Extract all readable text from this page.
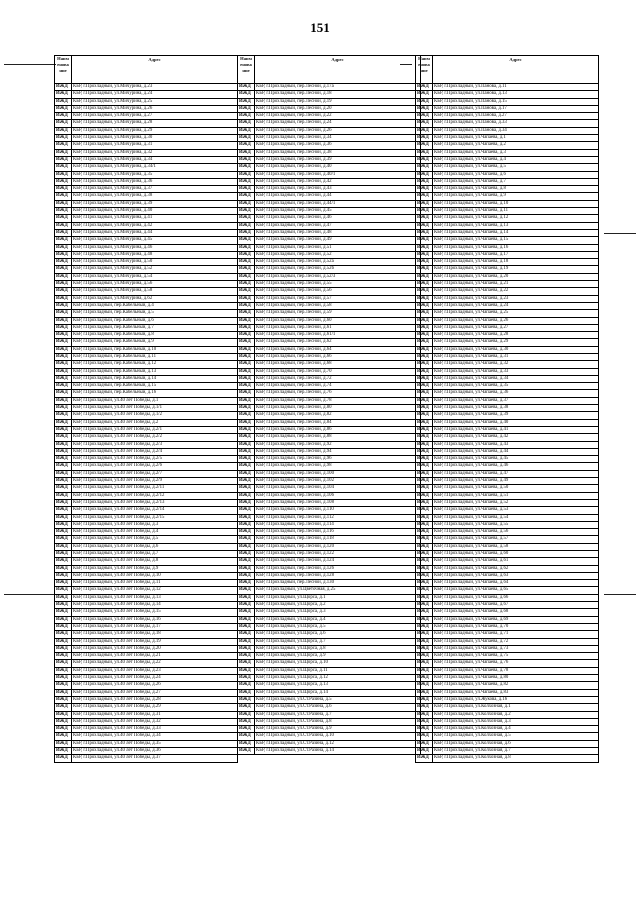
151
Наим енова ние	Адрес
ИЖД	КБР, г.Прохладный, ул.Мичурина, д.23
ИЖД	КБР, г.Прохладный, ул.Мичурина, д.24
ИЖД	КБР, г.Прохладный, ул.Мичурина, д.25
ИЖД	КБР, г.Прохладный, ул.Мичурина, д.26
ИЖД	КБР, г.Прохладный, ул.Мичурина, д.27
ИЖД	КБР, г.Прохладный, ул.Мичурина, д.28
ИЖД	КБР, г.Прохладный, ул.Мичурина, д.29
ИЖД	КБР, г.Прохладный, ул.Мичурина, д.30
ИЖД	КБР, г.Прохладный, ул.Мичурина, д.31
ИЖД	КБР, г.Прохладный, ул.Мичурина, д.32
ИЖД	КБР, г.Прохладный, ул.Мичурина, д.34
ИЖД	КБР, г.Прохладный, ул.Мичурина, д.34/1
ИЖД	КБР, г.Прохладный, ул.Мичурина, д.35
ИЖД	КБР, г.Прохладный, ул.Мичурина, д.36
ИЖД	КБР, г.Прохладный, ул.Мичурина, д.37
ИЖД	КБР, г.Прохладный, ул.Мичурина, д.38
ИЖД	КБР, г.Прохладный, ул.Мичурина, д.39
ИЖД	КБР, г.Прохладный, ул.Мичурина, д.40
ИЖД	КБР, г.Прохладный, ул.Мичурина, д.41
ИЖД	КБР, г.Прохладный, ул.Мичурина, д.42
ИЖД	КБР, г.Прохладный, ул.Мичурина, д.44
ИЖД	КБР, г.Прохладный, ул.Мичурина, д.45
ИЖД	КБР, г.Прохладный, ул.Мичурина, д.46
ИЖД	КБР, г.Прохладный, ул.Мичурина, д.48
ИЖД	КБР, г.Прохладный, ул.Мичурина, д.50
ИЖД	КБР, г.Прохладный, ул.Мичурина, д.52
ИЖД	КБР, г.Прохладный, ул.Мичурина, д.54
ИЖД	КБР, г.Прохладный, ул.Мичурина, д.56
ИЖД	КБР, г.Прохладный, ул.Мичурина, д.58
ИЖД	КБР, г.Прохладный, ул.Мичурина, д.62
ИЖД	КБР, г.Прохладный, пер.Кабельный, д.4
ИЖД	КБР, г.Прохладный, пер.Кабельный, д.5
ИЖД	КБР, г.Прохладный, пер.Кабельный, д.6
ИЖД	КБР, г.Прохладный, пер.Кабельный, д.7
ИЖД	КБР, г.Прохладный, пер.Кабельный, д.8
ИЖД	КБР, г.Прохладный, пер.Кабельный, д.9
ИЖД	КБР, г.Прохладный, пер.Кабельный, д.10
ИЖД	КБР, г.Прохладный, пер.Кабельный, д.11
ИЖД	КБР, г.Прохладный, пер.Кабельный, д.12
ИЖД	КБР, г.Прохладный, пер.Кабельный, д.13
ИЖД	КБР, г.Прохладный, пер.Кабельный, д.14
ИЖД	КБР, г.Прохладный, пер.Кабельный, д.15
ИЖД	КБР, г.Прохладный, пер.Кабельный, д.16
ИЖД	КБР, г.Прохладный, ул.40 лет Победы, д.1
ИЖД	КБР, г.Прохладный, ул.40 лет Победы, д.1/1
ИЖД	КБР, г.Прохладный, ул.40 лет Победы, д.1/2
ИЖД	КБР, г.Прохладный, ул.40 лет Победы, д.2
ИЖД	КБР, г.Прохладный, ул.40 лет Победы, д.2/1
ИЖД	КБР, г.Прохладный, ул.40 лет Победы, д.2/2
ИЖД	КБР, г.Прохладный, ул.40 лет Победы, д.2/3
ИЖД	КБР, г.Прохладный, ул.40 лет Победы, д.2/4
ИЖД	КБР, г.Прохладный, ул.40 лет Победы, д.2/5
ИЖД	КБР, г.Прохладный, ул.40 лет Победы, д.2/6
ИЖД	КБР, г.Прохладный, ул.40 лет Победы, д.2/7
ИЖД	КБР, г.Прохладный, ул.40 лет Победы, д.2/9
ИЖД	КБР, г.Прохладный, ул.40 лет Победы, д.2/11
ИЖД	КБР, г.Прохладный, ул.40 лет Победы, д.2/12
ИЖД	КБР, г.Прохладный, ул.40 лет Победы, д.2/13
ИЖД	КБР, г.Прохладный, ул.40 лет Победы, д.2/14
ИЖД	КБР, г.Прохладный, ул.40 лет Победы, д.2/15
ИЖД	КБР, г.Прохладный, ул.40 лет Победы, д.3
ИЖД	КБР, г.Прохладный, ул.40 лет Победы, д.4
ИЖД	КБР, г.Прохладный, ул.40 лет Победы, д.5
ИЖД	КБР, г.Прохладный, ул.40 лет Победы, д.6
ИЖД	КБР, г.Прохладный, ул.40 лет Победы, д.7
ИЖД	КБР, г.Прохладный, ул.40 лет Победы, д.8
ИЖД	КБР, г.Прохладный, ул.40 лет Победы, д.9
ИЖД	КБР, г.Прохладный, ул.40 лет Победы, д.10
ИЖД	КБР, г.Прохладный, ул.40 лет Победы, д.11
ИЖД	КБР, г.Прохладный, ул.40 лет Победы, д.12
ИЖД	КБР, г.Прохладный, ул.40 лет Победы, д.13
ИЖД	КБР, г.Прохладный, ул.40 лет Победы, д.14
ИЖД	КБР, г.Прохладный, ул.40 лет Победы, д.15
ИЖД	КБР, г.Прохладный, ул.40 лет Победы, д.16
ИЖД	КБР, г.Прохладный, ул.40 лет Победы, д.17
ИЖД	КБР, г.Прохладный, ул.40 лет Победы, д.18
ИЖД	КБР, г.Прохладный, ул.40 лет Победы, д.19
ИЖД	КБР, г.Прохладный, ул.40 лет Победы, д.20
ИЖД	КБР, г.Прохладный, ул.40 лет Победы, д.21
ИЖД	КБР, г.Прохладный, ул.40 лет Победы, д.22
ИЖД	КБР, г.Прохладный, ул.40 лет Победы, д.23
ИЖД	КБР, г.Прохладный, ул.40 лет Победы, д.24
ИЖД	КБР, г.Прохладный, ул.40 лет Победы, д.26
ИЖД	КБР, г.Прохладный, ул.40 лет Победы, д.27
ИЖД	КБР, г.Прохладный, ул.40 лет Победы, д.28
ИЖД	КБР, г.Прохладный, ул.40 лет Победы, д.29
ИЖД	КБР, г.Прохладный, ул.40 лет Победы, д.31
ИЖД	КБР, г.Прохладный, ул.40 лет Победы, д.32
ИЖД	КБР, г.Прохладный, ул.40 лет Победы, д.33
ИЖД	КБР, г.Прохладный, ул.40 лет Победы, д.34
ИЖД	КБР, г.Прохладный, ул.40 лет Победы, д.35
ИЖД	КБР, г.Прохладный, ул.40 лет Победы, д.36
ИЖД	КБР, г.Прохладный, ул.40 лет Победы, д.37
Наим енова ние	Адрес
ИЖД	КБР, г.Прохладный, пер.Лесной, д.17а
ИЖД	КБР, г.Прохладный, пер.Лесной, д.18
ИЖД	КБР, г.Прохладный, пер.Лесной, д.19
ИЖД	КБР, г.Прохладный, пер.Лесной, д.20
ИЖД	КБР, г.Прохладный, пер.Лесной, д.22
ИЖД	КБР, г.Прохладный, пер.Лесной, д.24
ИЖД	КБР, г.Прохладный, пер.Лесной, д.26
ИЖД	КБР, г.Прохладный, пер.Лесной, д.34
ИЖД	КБР, г.Прохладный, пер.Лесной, д.36
ИЖД	КБР, г.Прохладный, пер.Лесной, д.38
ИЖД	КБР, г.Прохладный, пер.Лесной, д.39
ИЖД	КБР, г.Прохладный, пер.Лесной, д.40
ИЖД	КБР, г.Прохладный, пер.Лесной, д.40/1
ИЖД	КБР, г.Прохладный, пер.Лесной, д.42
ИЖД	КБР, г.Прохладный, пер.Лесной, д.43
ИЖД	КБР, г.Прохладный, пер.Лесной, д.44
ИЖД	КБР, г.Прохладный, пер.Лесной, д.44/1
ИЖД	КБР, г.Прохладный, пер.Лесной, д.45
ИЖД	КБР, г.Прохладный, пер.Лесной, д.46
ИЖД	КБР, г.Прохладный, пер.Лесной, д.47
ИЖД	КБР, г.Прохладный, пер.Лесной, д.48
ИЖД	КБР, г.Прохладный, пер.Лесной, д.49
ИЖД	КБР, г.Прохладный, пер.Лесной, д.51
ИЖД	КБР, г.Прохладный, пер.Лесной, д.52
ИЖД	КБР, г.Прохладный, пер.Лесной, д.52а
ИЖД	КБР, г.Прохладный, пер.Лесной, д.52б
ИЖД	КБР, г.Прохладный, пер.Лесной, д.52/3
ИЖД	КБР, г.Прохладный, пер.Лесной, д.55
ИЖД	КБР, г.Прохладный, пер.Лесной, д.56
ИЖД	КБР, г.Прохладный, пер.Лесной, д.57
ИЖД	КБР, г.Прохладный, пер.Лесной, д.58
ИЖД	КБР, г.Прохладный, пер.Лесной, д.59
ИЖД	КБР, г.Прохладный, пер.Лесной, д.60
ИЖД	КБР, г.Прохладный, пер.Лесной, д.61
ИЖД	КБР, г.Прохладный, пер.Лесной, д.61/1
ИЖД	КБР, г.Прохладный, пер.Лесной, д.62
ИЖД	КБР, г.Прохладный, пер.Лесной, д.64
ИЖД	КБР, г.Прохладный, пер.Лесной, д.66
ИЖД	КБР, г.Прохладный, пер.Лесной, д.68
ИЖД	КБР, г.Прохладный, пер.Лесной, д.70
ИЖД	КБР, г.Прохладный, пер.Лесной, д.72
ИЖД	КБР, г.Прохладный, пер.Лесной, д.74
ИЖД	КБР, г.Прохладный, пер.Лесной, д.76
ИЖД	КБР, г.Прохладный, пер.Лесной, д.78
ИЖД	КБР, г.Прохладный, пер.Лесной, д.80
ИЖД	КБР, г.Прохладный, пер.Лесной, д.82
ИЖД	КБР, г.Прохладный, пер.Лесной, д.84
ИЖД	КБР, г.Прохладный, пер.Лесной, д.86
ИЖД	КБР, г.Прохладный, пер.Лесной, д.88
ИЖД	КБР, г.Прохладный, пер.Лесной, д.92
ИЖД	КБР, г.Прохладный, пер.Лесной, д.94
ИЖД	КБР, г.Прохладный, пер.Лесной, д.96
ИЖД	КБР, г.Прохладный, пер.Лесной, д.98
ИЖД	КБР, г.Прохладный, пер.Лесной, д.100
ИЖД	КБР, г.Прохладный, пер.Лесной, д.102
ИЖД	КБР, г.Прохладный, пер.Лесной, д.104
ИЖД	КБР, г.Прохладный, пер.Лесной, д.106
ИЖД	КБР, г.Прохладный, пер.Лесной, д.108
ИЖД	КБР, г.Прохладный, пер.Лесной, д.110
ИЖД	КБР, г.Прохладный, пер.Лесной, д.112
ИЖД	КБР, г.Прохладный, пер.Лесной, д.114
ИЖД	КБР, г.Прохладный, пер.Лесной, д.116
ИЖД	КБР, г.Прохладный, пер.Лесной, д.118
ИЖД	КБР, г.Прохладный, пер.Лесной, д.120
ИЖД	КБР, г.Прохладный, пер.Лесной, д.122
ИЖД	КБР, г.Прохладный, пер.Лесной, д.124
ИЖД	КБР, г.Прохладный, пер.Лесной, д.126
ИЖД	КБР, г.Прохладный, пер.Лесной, д.128
ИЖД	КБР, г.Прохладный, пер.Лесной, д.130
ИЖД	КБР, г.Прохладный, ул.Цветочная, д.25
ИЖД	КБР, г.Прохладный, ул.Щорса, д.1
ИЖД	КБР, г.Прохладный, ул.Щорса, д.2
ИЖД	КБР, г.Прохладный, ул.Щорса, д.3
ИЖД	КБР, г.Прохладный, ул.Щорса, д.4
ИЖД	КБР, г.Прохладный, ул.Щорса, д.5
ИЖД	КБР, г.Прохладный, ул.Щорса, д.6
ИЖД	КБР, г.Прохладный, ул.Щорса, д.7
ИЖД	КБР, г.Прохладный, ул.Щорса, д.8
ИЖД	КБР, г.Прохладный, ул.Щорса, д.9
ИЖД	КБР, г.Прохладный, ул.Щорса, д.10
ИЖД	КБР, г.Прохладный, ул.Щорса, д.11
ИЖД	КБР, г.Прохладный, ул.Щорса, д.12
ИЖД	КБР, г.Прохладный, ул.Щорса, д.13
ИЖД	КБР, г.Прохладный, ул.Щорса, д.14
ИЖД	КБР, г.Прохладный, ул.Ст.Разина, д.5
ИЖД	КБР, г.Прохладный, ул.Ст.Разина, д.6
ИЖД	КБР, г.Прохладный, ул.Ст.Разина, д.7
ИЖД	КБР, г.Прохладный, ул.Ст.Разина, д.8
ИЖД	КБР, г.Прохладный, ул.Ст.Разина, д.9
ИЖД	КБР, г.Прохладный, ул.Ст.Разина, д.10
ИЖД	КБР, г.Прохладный, ул.Ст.Разина, д.12
ИЖД	КБР, г.Прохладный, ул.Ст.Разина, д.14
Наим енова ние	Адрес
ИЖД	КБР, г.Прохладный, ул.Панова, д.11
ИЖД	КБР, г.Прохладный, ул.Панова, д.13
ИЖД	КБР, г.Прохладный, ул.Панова, д.15
ИЖД	КБР, г.Прохладный, ул.Панова, д.17
ИЖД	КБР, г.Прохладный, ул.Панова, д.27
ИЖД	КБР, г.Прохладный, ул.Панова, д.33
ИЖД	КБР, г.Прохладный, ул.Панова, д.34
ИЖД	КБР, г.Прохладный, ул.Чапаева, д.1
ИЖД	КБР, г.Прохладный, ул.Чапаева, д.2
ИЖД	КБР, г.Прохладный, ул.Чапаева, д.3
ИЖД	КБР, г.Прохладный, ул.Чапаева, д.4
ИЖД	КБР, г.Прохладный, ул.Чапаева, д.5
ИЖД	КБР, г.Прохладный, ул.Чапаева, д.6
ИЖД	КБР, г.Прохладный, ул.Чапаева, д.7
ИЖД	КБР, г.Прохладный, ул.Чапаева, д.8
ИЖД	КБР, г.Прохладный, ул.Чапаева, д.9
ИЖД	КБР, г.Прохладный, ул.Чапаева, д.10
ИЖД	КБР, г.Прохладный, ул.Чапаева, д.11
ИЖД	КБР, г.Прохладный, ул.Чапаева, д.12
ИЖД	КБР, г.Прохладный, ул.Чапаева, д.13
ИЖД	КБР, г.Прохладный, ул.Чапаева, д.14
ИЖД	КБР, г.Прохладный, ул.Чапаева, д.15
ИЖД	КБР, г.Прохладный, ул.Чапаева, д.16
ИЖД	КБР, г.Прохладный, ул.Чапаева, д.17
ИЖД	КБР, г.Прохладный, ул.Чапаева, д.18
ИЖД	КБР, г.Прохладный, ул.Чапаева, д.19
ИЖД	КБР, г.Прохладный, ул.Чапаева, д.20
ИЖД	КБР, г.Прохладный, ул.Чапаева, д.21
ИЖД	КБР, г.Прохладный, ул.Чапаева, д.22
ИЖД	КБР, г.Прохладный, ул.Чапаева, д.23
ИЖД	КБР, г.Прохладный, ул.Чапаева, д.24
ИЖД	КБР, г.Прохладный, ул.Чапаева, д.25
ИЖД	КБР, г.Прохладный, ул.Чапаева, д.26
ИЖД	КБР, г.Прохладный, ул.Чапаева, д.27
ИЖД	КБР, г.Прохладный, ул.Чапаева, д.28
ИЖД	КБР, г.Прохладный, ул.Чапаева, д.29
ИЖД	КБР, г.Прохладный, ул.Чапаева, д.30
ИЖД	КБР, г.Прохладный, ул.Чапаева, д.31
ИЖД	КБР, г.Прохладный, ул.Чапаева, д.32
ИЖД	КБР, г.Прохладный, ул.Чапаева, д.33
ИЖД	КБР, г.Прохладный, ул.Чапаева, д.34
ИЖД	КБР, г.Прохладный, ул.Чапаева, д.35
ИЖД	КБР, г.Прохладный, ул.Чапаева, д.36
ИЖД	КБР, г.Прохладный, ул.Чапаева, д.37
ИЖД	КБР, г.Прохладный, ул.Чапаева, д.38
ИЖД	КБР, г.Прохладный, ул.Чапаева, д.39
ИЖД	КБР, г.Прохладный, ул.Чапаева, д.40
ИЖД	КБР, г.Прохладный, ул.Чапаева, д.41
ИЖД	КБР, г.Прохладный, ул.Чапаева, д.42
ИЖД	КБР, г.Прохладный, ул.Чапаева, д.43
ИЖД	КБР, г.Прохладный, ул.Чапаева, д.44
ИЖД	КБР, г.Прохладный, ул.Чапаева, д.45
ИЖД	КБР, г.Прохладный, ул.Чапаева, д.46
ИЖД	КБР, г.Прохладный, ул.Чапаева, д.47
ИЖД	КБР, г.Прохладный, ул.Чапаева, д.49
ИЖД	КБР, г.Прохладный, ул.Чапаева, д.50
ИЖД	КБР, г.Прохладный, ул.Чапаева, д.51
ИЖД	КБР, г.Прохладный, ул.Чапаева, д.52
ИЖД	КБР, г.Прохладный, ул.Чапаева, д.53
ИЖД	КБР, г.Прохладный, ул.Чапаева, д.54
ИЖД	КБР, г.Прохладный, ул.Чапаева, д.55
ИЖД	КБР, г.Прохладный, ул.Чапаева, д.56
ИЖД	КБР, г.Прохладный, ул.Чапаева, д.57
ИЖД	КБР, г.Прохладный, ул.Чапаева, д.58
ИЖД	КБР, г.Прохладный, ул.Чапаева, д.60
ИЖД	КБР, г.Прохладный, ул.Чапаева, д.61
ИЖД	КБР, г.Прохладный, ул.Чапаева, д.62
ИЖД	КБР, г.Прохладный, ул.Чапаева, д.63
ИЖД	КБР, г.Прохладный, ул.Чапаева, д.64
ИЖД	КБР, г.Прохладный, ул.Чапаева, д.65
ИЖД	КБР, г.Прохладный, ул.Чапаева, д.66
ИЖД	КБР, г.Прохладный, ул.Чапаева, д.67
ИЖД	КБР, г.Прохладный, ул.Чапаева, д.68
ИЖД	КБР, г.Прохладный, ул.Чапаева, д.69
ИЖД	КБР, г.Прохладный, ул.Чапаева, д.70
ИЖД	КБР, г.Прохладный, ул.Чапаева, д.71
ИЖД	КБР, г.Прохладный, ул.Чапаева, д.72
ИЖД	КБР, г.Прохладный, ул.Чапаева, д.73
ИЖД	КБР, г.Прохладный, ул.Чапаева, д.75
ИЖД	КБР, г.Прохладный, ул.Чапаева, д.76
ИЖД	КБР, г.Прохладный, ул.Чапаева, д.78
ИЖД	КБР, г.Прохладный, ул.Чапаева, д.80
ИЖД	КБР, г.Прохладный, ул.Чапаева, д.82
ИЖД	КБР, г.Прохладный, ул.Чапаева, д.83
ИЖД	КБР, г.Прохладный, ул.Жукова, д.16
ИЖД	КБР, г.Прохладный, ул.Колхозная, д.1
ИЖД	КБР, г.Прохладный, ул.Колхозная, д.2
ИЖД	КБР, г.Прохладный, ул.Колхозная, д.3
ИЖД	КБР, г.Прохладный, ул.Колхозная, д.4
ИЖД	КБР, г.Прохладный, ул.Колхозная, д.5
ИЖД	КБР, г.Прохладный, ул.Колхозная, д.6
ИЖД	КБР, г.Прохладный, ул.Колхозная, д.7
ИЖД	КБР, г.Прохладный, ул.Колхозная, д.8
